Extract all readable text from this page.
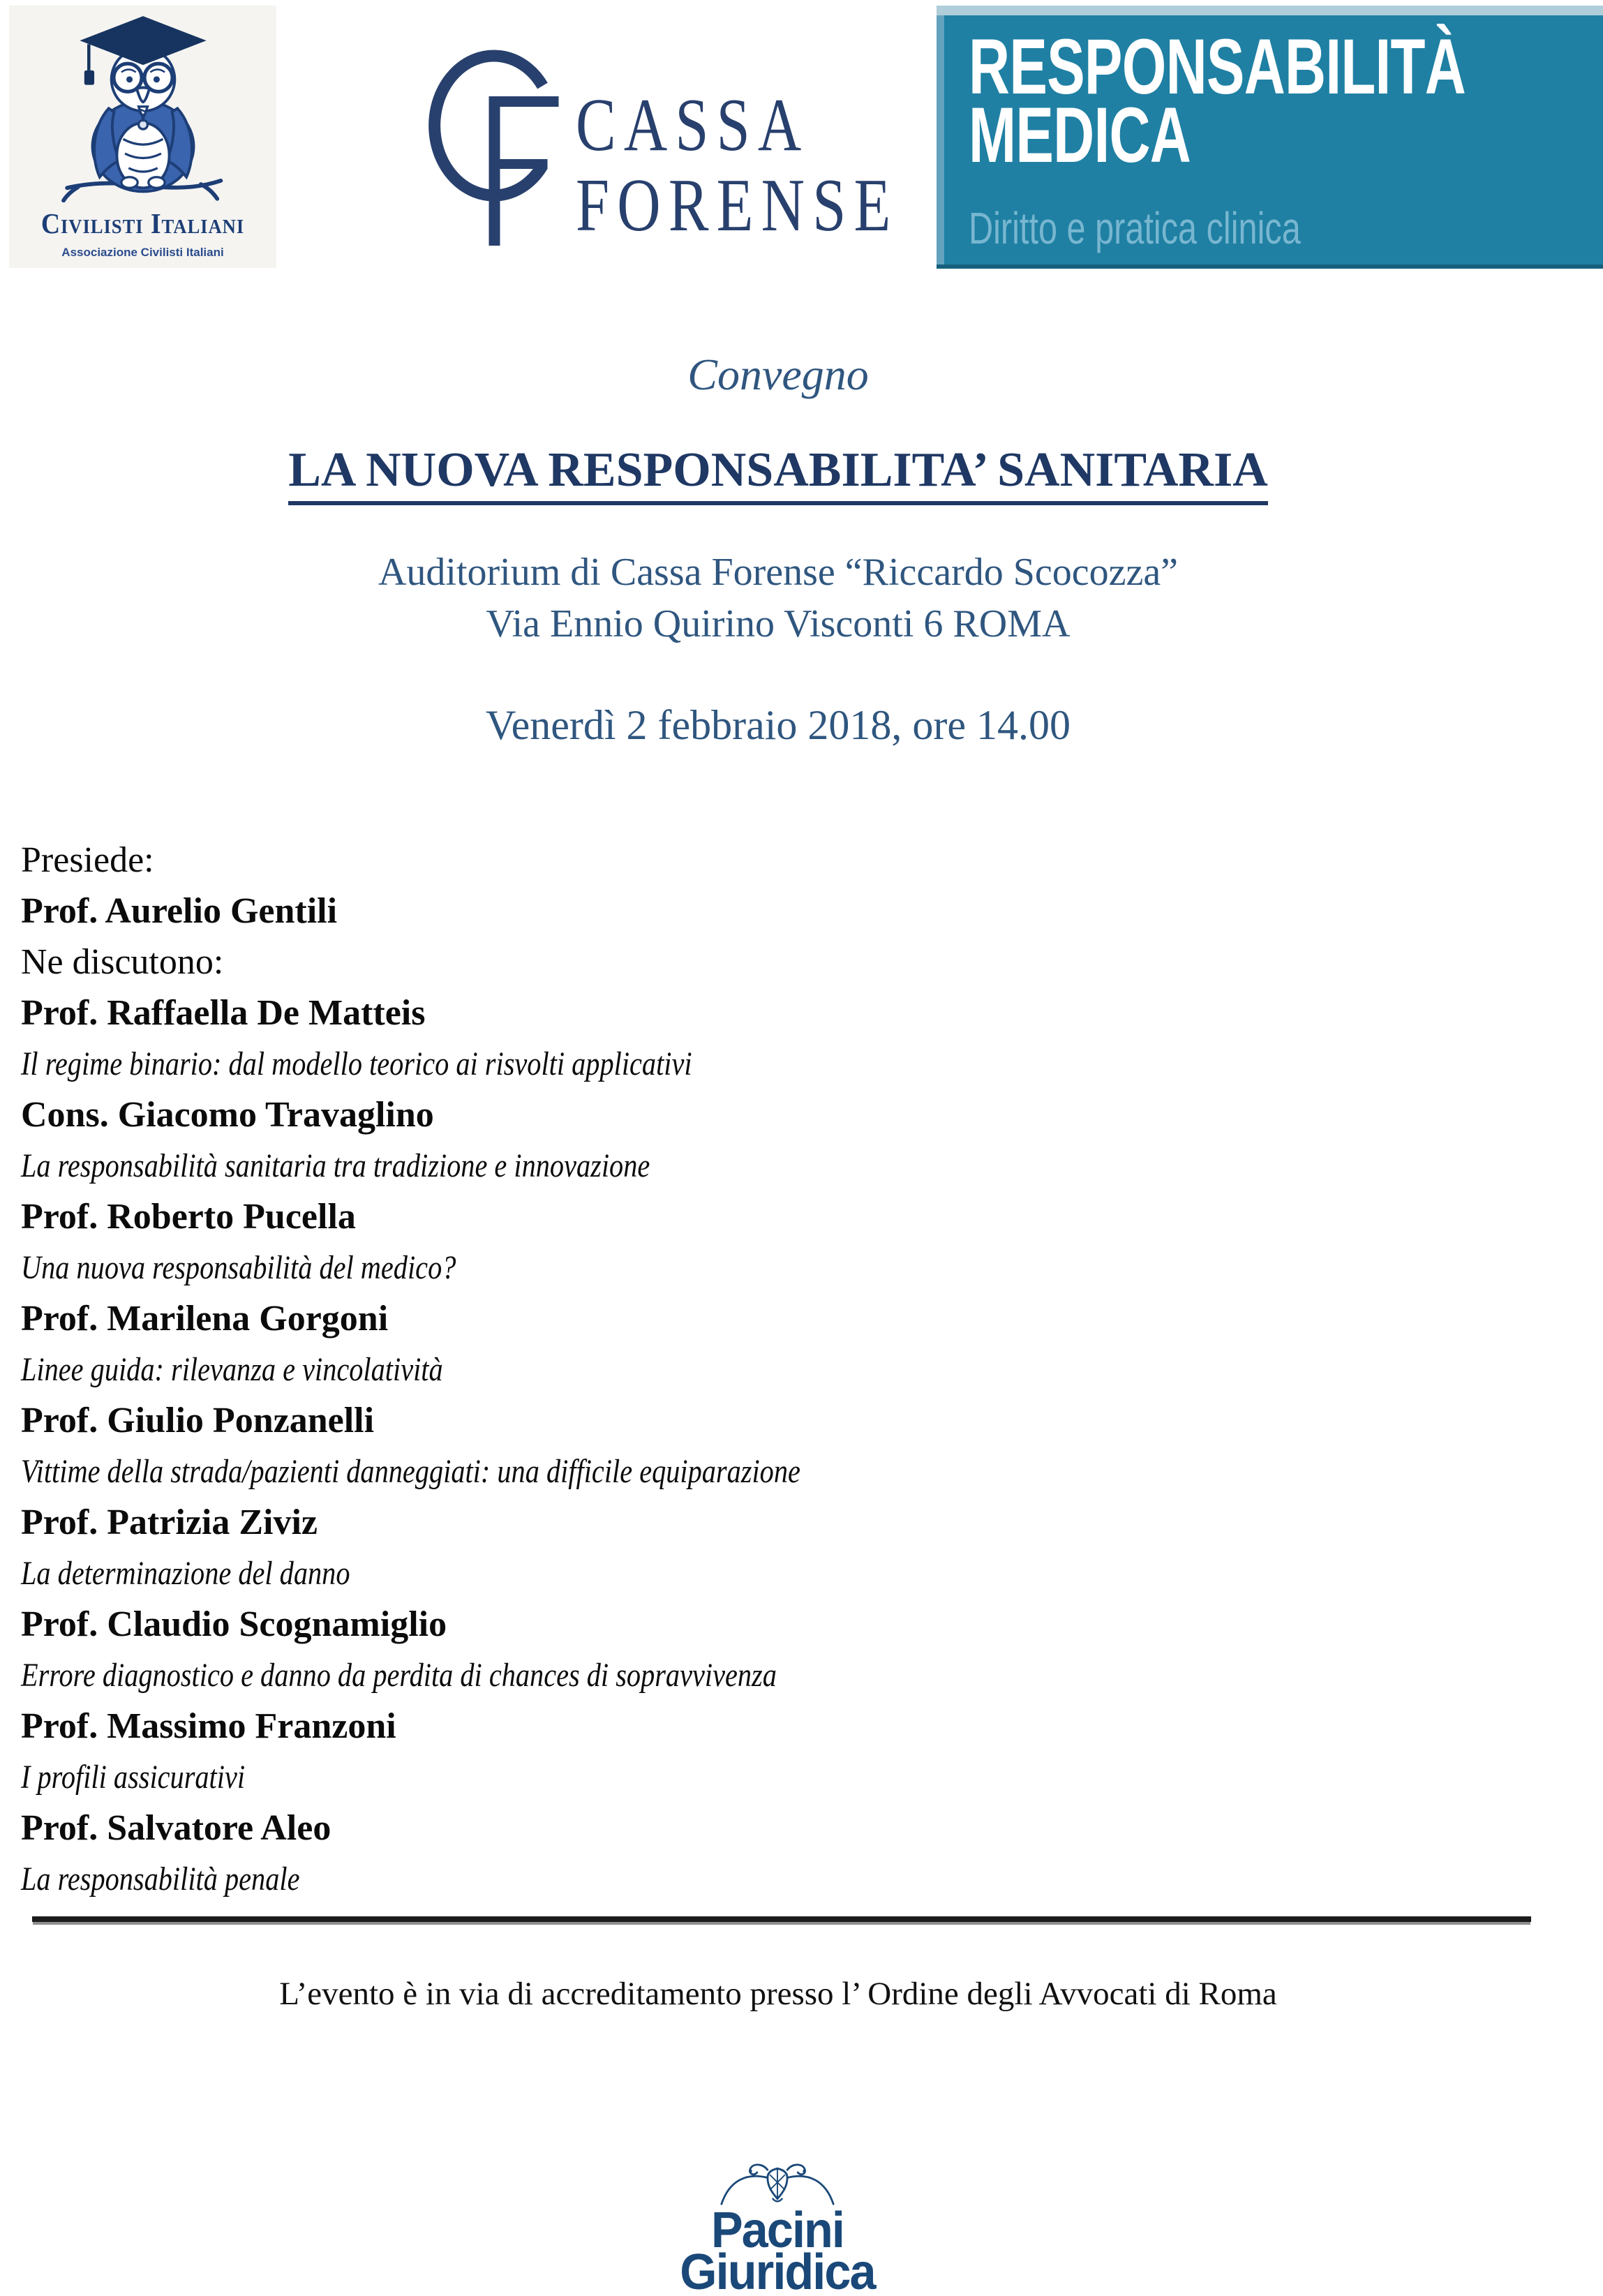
Civilisti Italiani
Associazione Civilisti Italiani
CASSA
FORENSE
RESPONSABILITÀ
MEDICA
Diritto e pratica clinica
Convegno
LA NUOVA RESPONSABILITA’ SANITARIA
Auditorium di Cassa Forense “Riccardo Scocozza”
Via Ennio Quirino Visconti 6 ROMA
Venerdì 2 febbraio 2018, ore 14.00
Presiede:
Prof. Aurelio Gentili
Ne discutono:
Prof. Raffaella De Matteis
Il regime binario: dal modello teorico ai risvolti applicativi
Cons. Giacomo Travaglino
La responsabilità sanitaria tra tradizione e innovazione
Prof. Roberto Pucella
Una nuova responsabilità del medico?
Prof. Marilena Gorgoni
Linee guida: rilevanza e vincolatività
Prof. Giulio Ponzanelli
Vittime della strada/pazienti danneggiati: una difficile equiparazione
Prof. Patrizia Ziviz
La determinazione del danno
Prof. Claudio Scognamiglio
Errore diagnostico e danno da perdita di chances di sopravvivenza
Prof. Massimo Franzoni
I profili assicurativi
Prof. Salvatore Aleo
La responsabilità penale
L’evento è in via di accreditamento presso l’ Ordine degli Avvocati di Roma
Pacini
Giuridica
